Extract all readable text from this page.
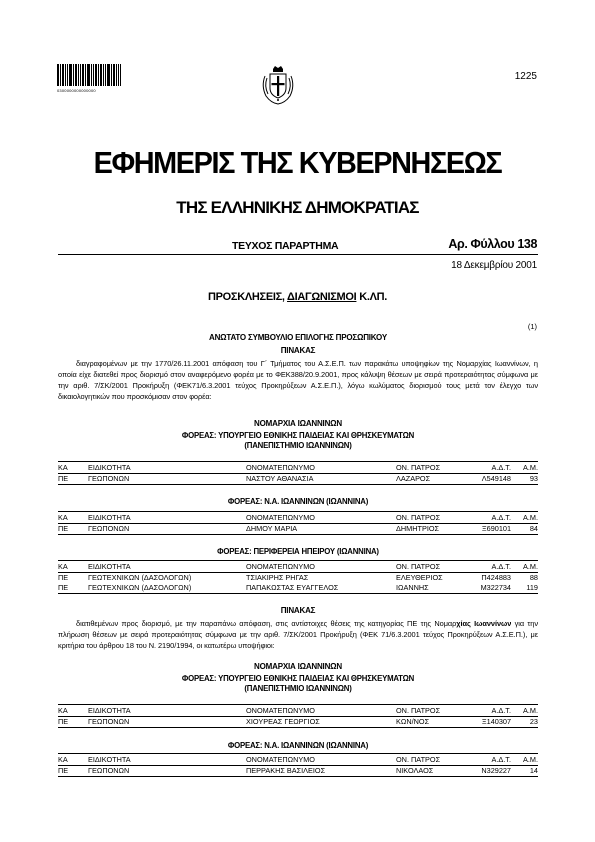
0300000000000000
1225
ΕΦΗΜΕΡΙΣ ΤΗΣ ΚΥΒΕΡΝΗΣΕΩΣ
ΤΗΣ ΕΛΛΗΝΙΚΗΣ ΔΗΜΟΚΡΑΤΙΑΣ
ΤΕΥΧΟΣ ΠΑΡΑΡΤΗΜΑ	Αρ. Φύλλου 138
18 Δεκεμβρίου 2001
ΠΡΟΣΚΛΗΣΕΙΣ, ΔΙΑΓΩΝΙΣΜΟΙ Κ.ΛΠ.
(1)
ΑΝΩΤΑΤΟ ΣΥΜΒΟΥΛΙΟ ΕΠΙΛΟΓΗΣ ΠΡΟΣΩΠΙΚΟΥ
ΠΙΝΑΚΑΣ
διαγραφομένων με την 1770/26.11.2001 απόφαση του Γ΄ Τμήματος του Α.Σ.Ε.Π. των παρακάτω υποψηφίων της Νομαρχίας Ιωαννίνων, η οποία είχε διατεθεί προς διορισμό στον αναφερόμενο φορέα με το ΦΕΚ388/20.9.2001, προς κάλυψη θέσεων με σειρά προτεραιότητας σύμφωνα με την αριθ. 7/ΣΚ/2001 Προκήρυξη (ΦΕΚ71/6.3.2001 τεύχος Προκηρύξεων Α.Σ.Ε.Π.), λόγω κωλύματος διορισμού τους μετά τον έλεγχο των δικαιολογητικών που προσκόμισαν στον φορέα:
ΝΟΜΑΡΧΙΑ ΙΩΑΝΝΙΝΩΝ
ΦΟΡΕΑΣ: ΥΠΟΥΡΓΕΙΟ ΕΘΝΙΚΗΣ ΠΑΙΔΕΙΑΣ ΚΑΙ ΘΡΗΣΚΕΥΜΑΤΩΝ
(ΠΑΝΕΠΙΣΤΗΜΙΟ ΙΩΑΝΝΙΝΩΝ)
ΚΑ	ΕΙΔΙΚΟΤΗΤΑ	ΟΝΟΜΑΤΕΠΩΝΥΜΟ	ΟΝ. ΠΑΤΡΟΣ	Α.Δ.Τ.	Α.Μ.
ΠΕ	ΓΕΩΠΟΝΩΝ	ΝΑΣΤΟΥ ΑΘΑΝΑΣΙΑ	ΛΑΖΑΡΟΣ	Λ549148	93
ΦΟΡΕΑΣ: Ν.Α. ΙΩΑΝΝΙΝΩΝ (ΙΩΑΝΝΙΝΑ)
ΚΑ	ΕΙΔΙΚΟΤΗΤΑ	ΟΝΟΜΑΤΕΠΩΝΥΜΟ	ΟΝ. ΠΑΤΡΟΣ	Α.Δ.Τ.	Α.Μ.
ΠΕ	ΓΕΩΠΟΝΩΝ	ΔΗΜΟΥ ΜΑΡΙΑ	ΔΗΜΗΤΡΙΟΣ	Ξ690101	84
ΦΟΡΕΑΣ: ΠΕΡΙΦΕΡΕΙΑ ΗΠΕΙΡΟΥ (ΙΩΑΝΝΙΝΑ)
ΚΑ	ΕΙΔΙΚΟΤΗΤΑ	ΟΝΟΜΑΤΕΠΩΝΥΜΟ	ΟΝ. ΠΑΤΡΟΣ	Α.Δ.Τ.	Α.Μ.
ΠΕ	ΓΕΩΤΕΧΝΙΚΩΝ (ΔΑΣΟΛΟΓΩΝ)	ΤΣΙΑΚΙΡΗΣ ΡΗΓΑΣ	ΕΛΕΥΘΕΡΙΟΣ	Π424883	88
ΠΕ	ΓΕΩΤΕΧΝΙΚΩΝ (ΔΑΣΟΛΟΓΩΝ)	ΠΑΠΑΚΩΣΤΑΣ ΕΥΑΓΓΕΛΟΣ	ΙΩΑΝΝΗΣ	Μ322734	119
ΠΙΝΑΚΑΣ
διατιθεμένων προς διορισμό, με την παραπάνω απόφαση, στις αντίστοιχες θέσεις της κατηγορίας ΠΕ της Νομαρχίας Ιωαννίνων για την πλήρωση θέσεων με σειρά προτεραιότητας σύμφωνα με την αριθ. 7/ΣΚ/2001 Προκήρυξη (ΦΕΚ 71/6.3.2001 τεύχος Προκηρύξεων Α.Σ.Ε.Π.), με κριτήρια του άρθρου 18 του Ν. 2190/1994, οι κατωτέρω υποψήφιοι:
ΝΟΜΑΡΧΙΑ ΙΩΑΝΝΙΝΩΝ
ΦΟΡΕΑΣ: ΥΠΟΥΡΓΕΙΟ ΕΘΝΙΚΗΣ ΠΑΙΔΕΙΑΣ ΚΑΙ ΘΡΗΣΚΕΥΜΑΤΩΝ
(ΠΑΝΕΠΙΣΤΗΜΙΟ ΙΩΑΝΝΙΝΩΝ)
ΚΑ	ΕΙΔΙΚΟΤΗΤΑ	ΟΝΟΜΑΤΕΠΩΝΥΜΟ	ΟΝ. ΠΑΤΡΟΣ	Α.Δ.Τ.	Α.Μ.
ΠΕ	ΓΕΩΠΟΝΩΝ	ΧΙΟΥΡΕΑΣ ΓΕΩΡΓΙΟΣ	ΚΩΝ/ΝΟΣ	Ξ140307	23
ΦΟΡΕΑΣ: Ν.Α. ΙΩΑΝΝΙΝΩΝ (ΙΩΑΝΝΙΝΑ)
ΚΑ	ΕΙΔΙΚΟΤΗΤΑ	ΟΝΟΜΑΤΕΠΩΝΥΜΟ	ΟΝ. ΠΑΤΡΟΣ	Α.Δ.Τ.	Α.Μ.
ΠΕ	ΓΕΩΠΟΝΩΝ	ΠΕΡΡΑΚΗΣ ΒΑΣΙΛΕΙΟΣ	ΝΙΚΟΛΑΟΣ	Ν329227	14
